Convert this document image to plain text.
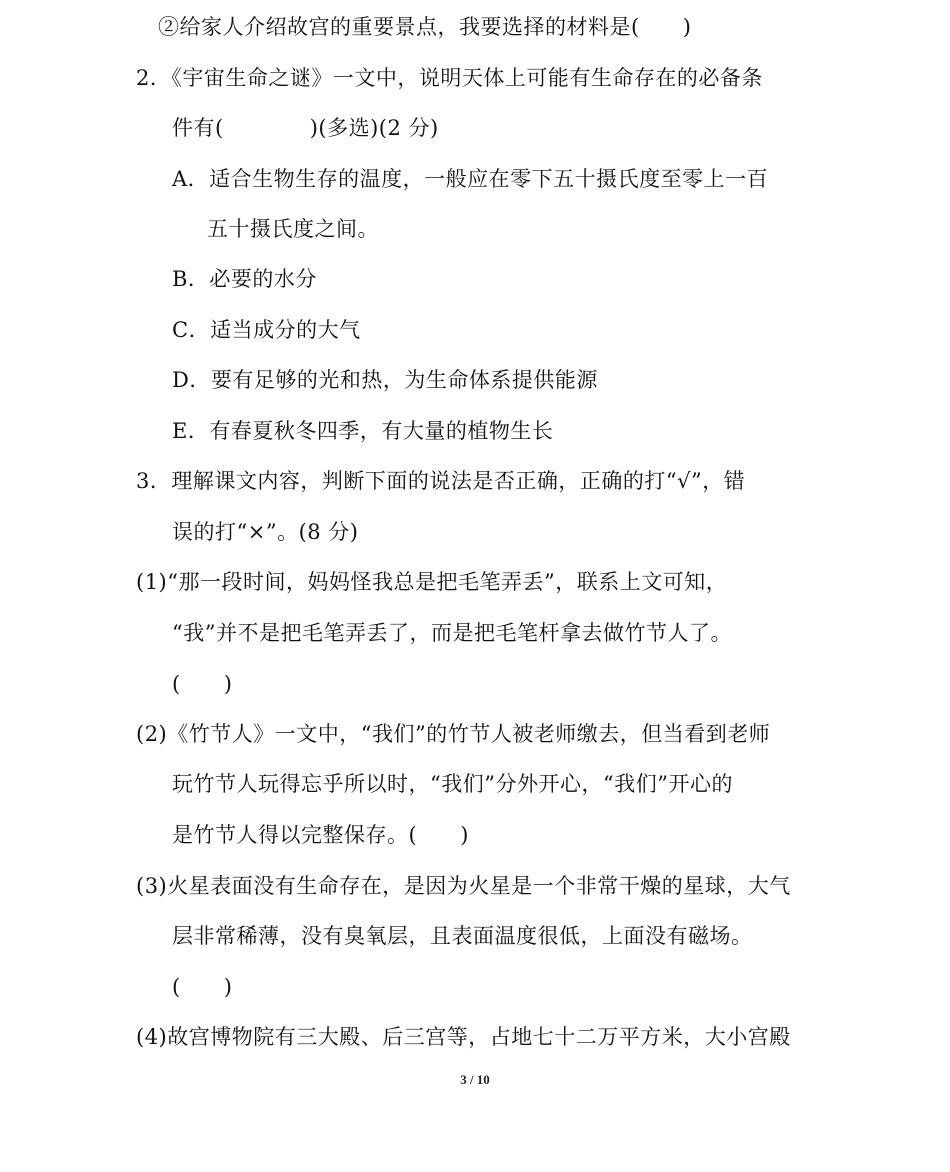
②给家人介绍故宫的重要景点，我要选择的材料是(　　)
2．《宇宙生命之谜》一文中，说明天体上可能有生命存在的必备条
件有(　　　　)(多选)(2 分)
A．适合生物生存的温度，一般应在零下五十摄氏度至零上一百
五十摄氏度之间。
B．必要的水分
C．适当成分的大气
D．要有足够的光和热，为生命体系提供能源
E．有春夏秋冬四季，有大量的植物生长
3．理解课文内容，判断下面的说法是否正确，正确的打“√”，错
误的打“×”。(8 分)
(1)“那一段时间，妈妈怪我总是把毛笔弄丢”，联系上文可知，
“我”并不是把毛笔弄丢了，而是把毛笔杆拿去做竹节人了。
(　　)
(2)《竹节人》一文中，“我们”的竹节人被老师缴去，但当看到老师
玩竹节人玩得忘乎所以时，“我们”分外开心，“我们”开心的
是竹节人得以完整保存。(　　)
(3)火星表面没有生命存在，是因为火星是一个非常干燥的星球，大气
层非常稀薄，没有臭氧层，且表面温度很低，上面没有磁场。
(　　)
(4)故宫博物院有三大殿、后三宫等，占地七十二万平方米，大小宫殿
3 / 10
